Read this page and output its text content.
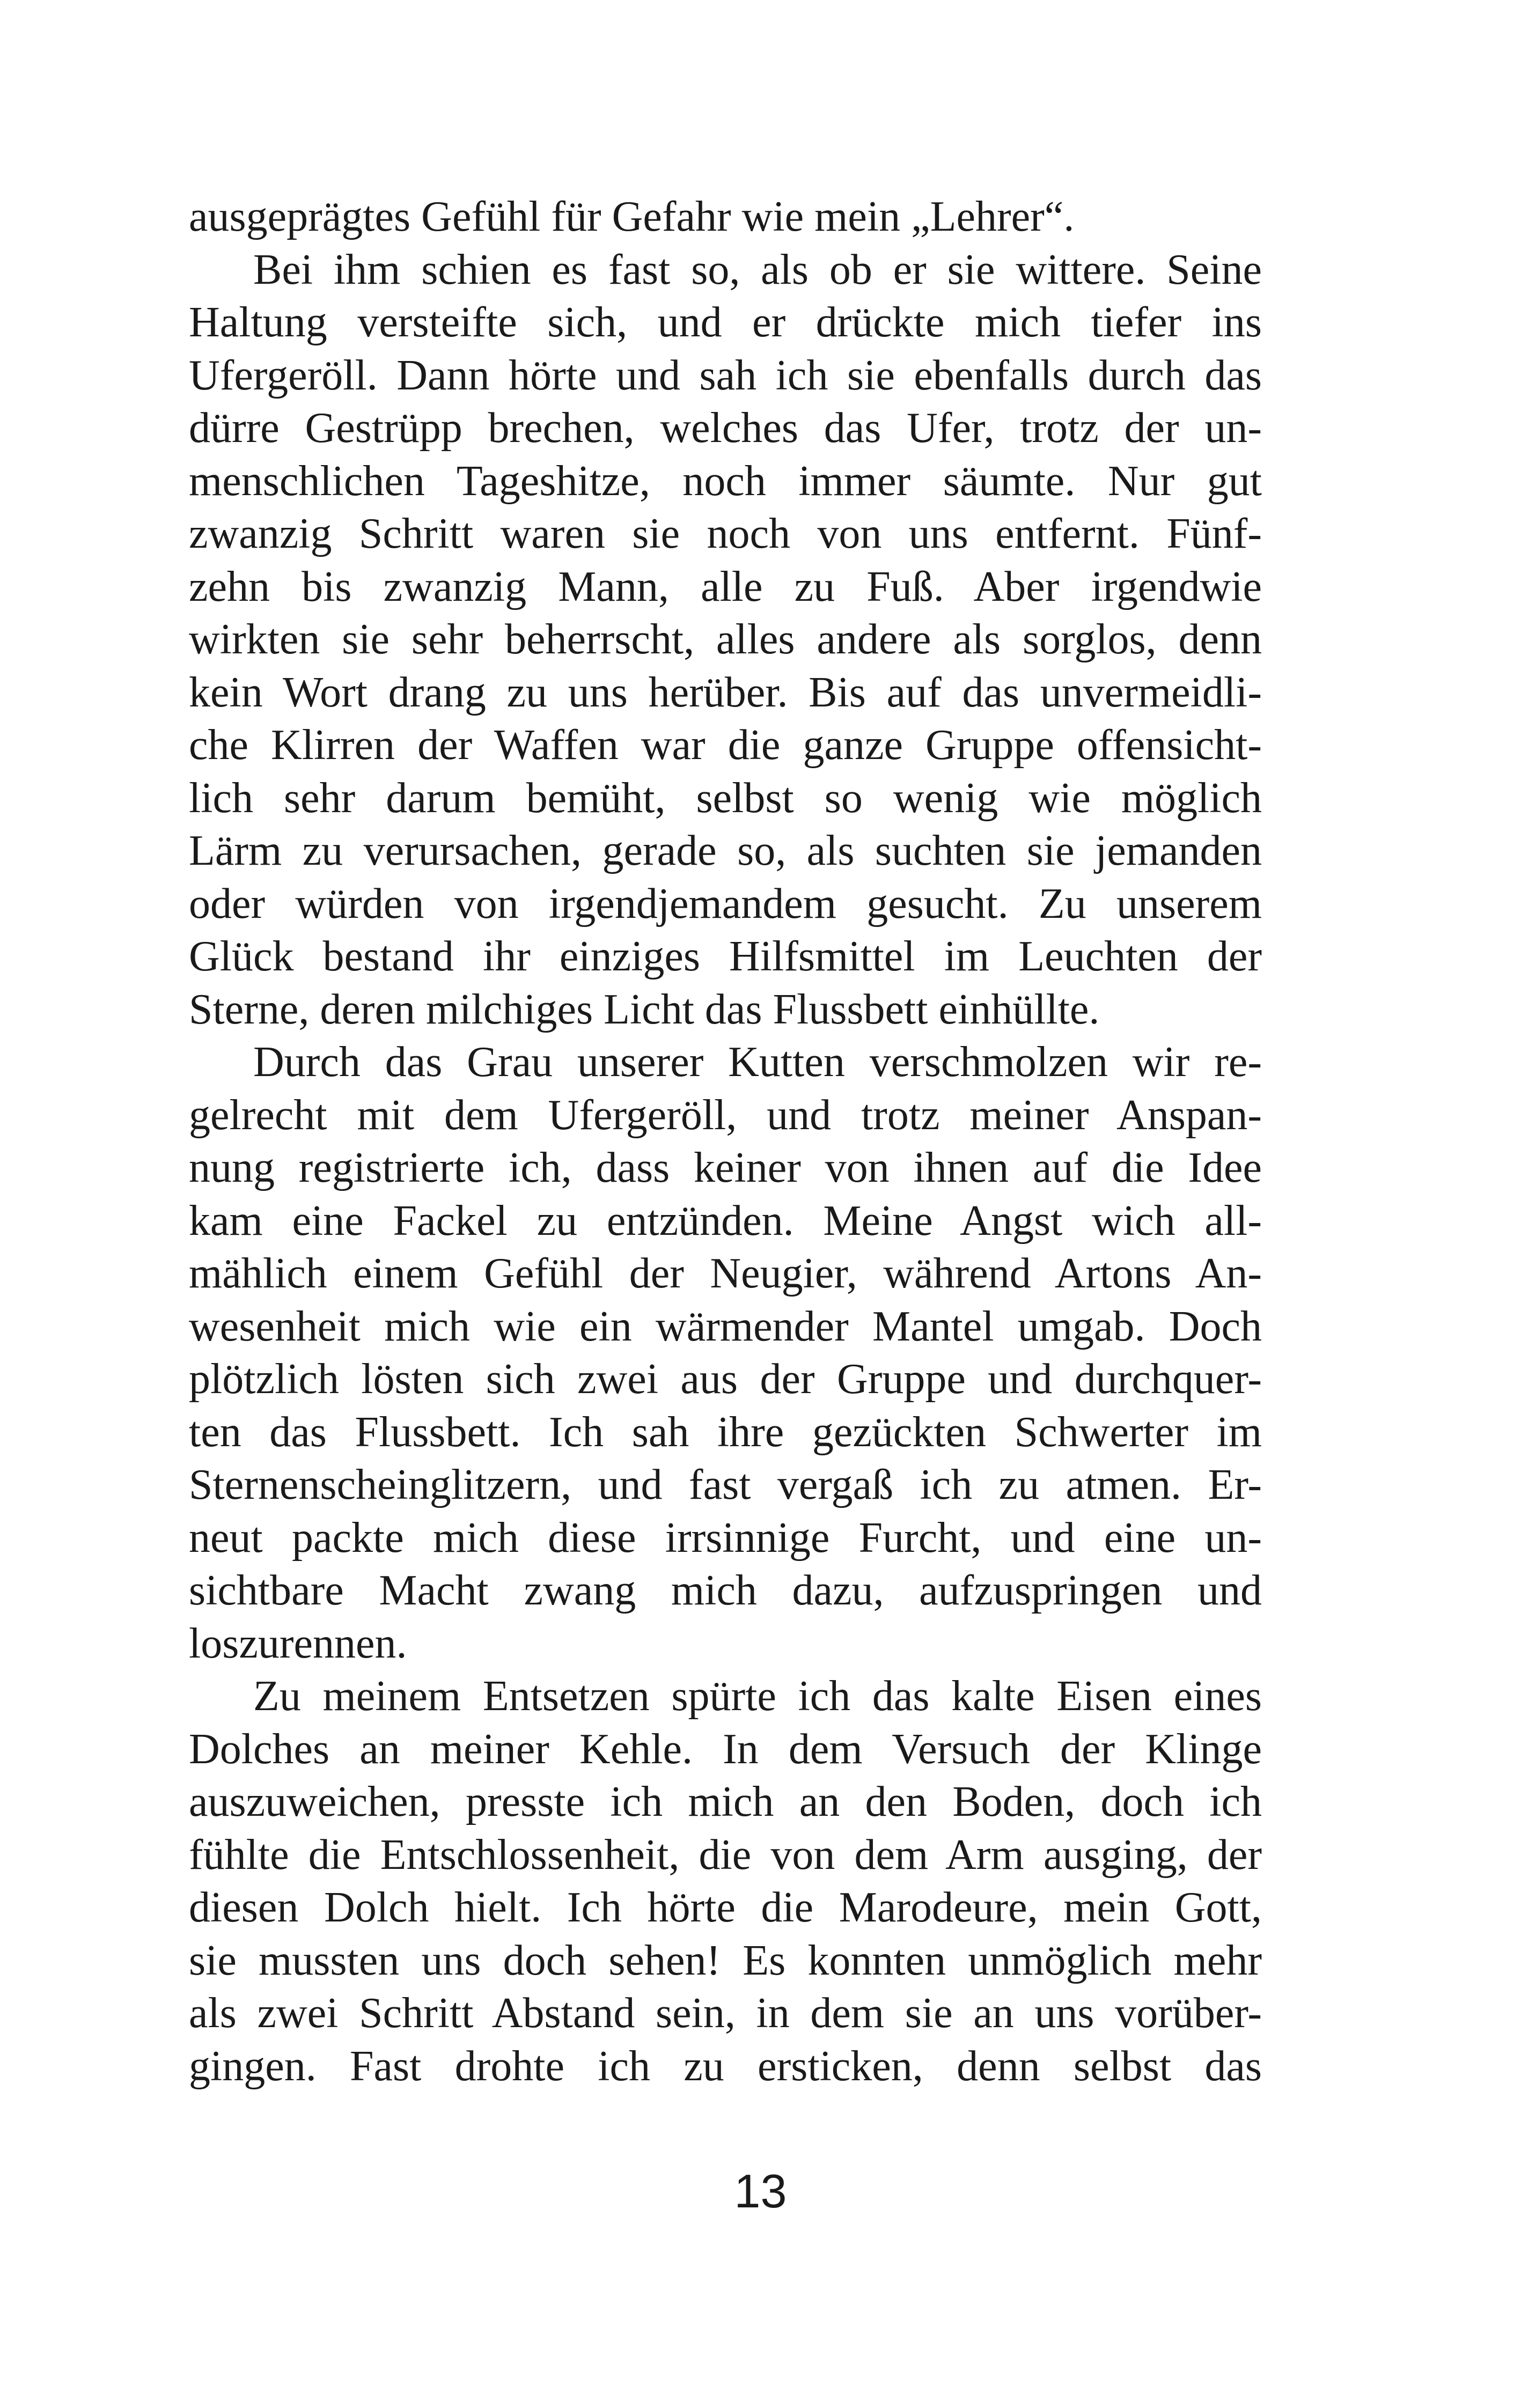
ausgeprägtes Gefühl für Gefahr wie mein „Lehrer“.
Bei ihm schien es fast so, als ob er sie wittere. Seine
Haltung versteifte sich, und er drückte mich tiefer ins
Ufergeröll. Dann hörte und sah ich sie ebenfalls durch das
dürre Gestrüpp brechen, welches das Ufer, trotz der un-
menschlichen Tageshitze, noch immer säumte. Nur gut
zwanzig Schritt waren sie noch von uns entfernt. Fünf-
zehn bis zwanzig Mann, alle zu Fuß. Aber irgendwie
wirkten sie sehr beherrscht, alles andere als sorglos, denn
kein Wort drang zu uns herüber. Bis auf das unvermeidli-
che Klirren der Waffen war die ganze Gruppe offensicht-
lich sehr darum bemüht, selbst so wenig wie möglich
Lärm zu verursachen, gerade so, als suchten sie jemanden
oder würden von irgendjemandem gesucht. Zu unserem
Glück bestand ihr einziges Hilfsmittel im Leuchten der
Sterne, deren milchiges Licht das Flussbett einhüllte.
Durch das Grau unserer Kutten verschmolzen wir re-
gelrecht mit dem Ufergeröll, und trotz meiner Anspan-
nung registrierte ich, dass keiner von ihnen auf die Idee
kam eine Fackel zu entzünden. Meine Angst wich all-
mählich einem Gefühl der Neugier, während Artons An-
wesenheit mich wie ein wärmender Mantel umgab. Doch
plötzlich lösten sich zwei aus der Gruppe und durchquer-
ten das Flussbett. Ich sah ihre gezückten Schwerter im
Sternenscheinglitzern, und fast vergaß ich zu atmen. Er-
neut packte mich diese irrsinnige Furcht, und eine un-
sichtbare Macht zwang mich dazu, aufzuspringen und
loszurennen.
Zu meinem Entsetzen spürte ich das kalte Eisen eines
Dolches an meiner Kehle. In dem Versuch der Klinge
auszuweichen, presste ich mich an den Boden, doch ich
fühlte die Entschlossenheit, die von dem Arm ausging, der
diesen Dolch hielt. Ich hörte die Marodeure, mein Gott,
sie mussten uns doch sehen! Es konnten unmöglich mehr
als zwei Schritt Abstand sein, in dem sie an uns vorüber-
gingen. Fast drohte ich zu ersticken, denn selbst das
13
